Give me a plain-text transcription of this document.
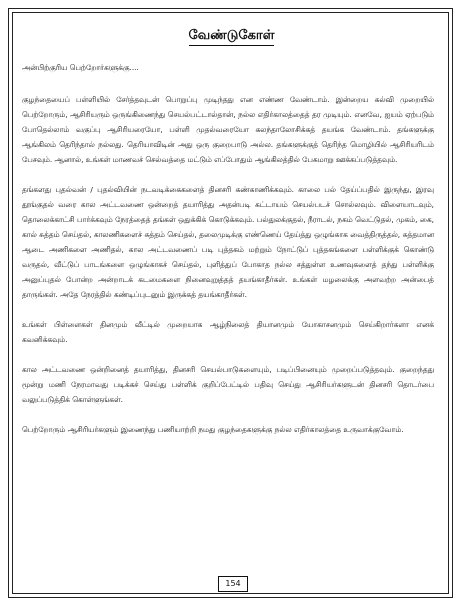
வேண்டுகோள்

அன்பிற்குரிய பெற்றோர்களுக்கு....

குழந்தையைப் பள்ளியில் சேர்த்தவுடன் பொறுப்பு முடிந்தது என எண்ண வேண்டாம். இன்றைய கல்வி முறையில் பெற்றோரும், ஆசிரியரும் ஒருங்கிணைந்து செயல்பட்டால்தான், நல்ல எதிர்காலத்தைத் தர முடியும். எனவே, ஐயம் ஏற்படும் போதெல்லாம் வகுப்பு ஆசிரியரையோ, பள்ளி முதல்வரையோ கலந்தாலோசிக்கத் தயங்க வேண்டாம். தங்களுக்கு ஆங்கிலம் தெரிந்தால் நல்லது. தெரியாவிடின் அது ஒரு குறைபாடு அல்ல. தங்களுக்குத் தெரிந்த மொழியில் ஆசிரியரிடம் பேசவும். ஆனால், உங்கள் மாணவச் செல்வத்தை மட்டும் எப்போதும் ஆங்கிலத்தில் பேசுமாறு ஊக்கப்படுத்தவும்.

தங்களது புதல்வன் / புதல்வியின் நடவடிக்கைகளைத் தினசரி கண்காணிக்கவும். காலை பல் தேய்ப்பதில் இருந்து, இரவு தூங்குதல் வரை கால அட்டவணை ஒன்றைத் தயாரித்து அதன்படி கட்டாயம் செயல்படச் சொல்லவும். விளையாடவும், தொலைக்காட்சி பார்க்கவும் நேரத்தைத் தங்கள் ஒதுக்கிக் கொடுக்கவும். பல்துலக்குதல், நீராடல், நகம் வெட்டுதல், முகம், கை, கால் சுத்தம் செய்தல், காலணிகளைச் சுத்தம் செய்தல், தலைமுடிக்கு எண்ணெய் தேய்த்து ஒழுங்காக வைத்திருத்தல், சுத்தமான ஆடை அணிகளை அணிதல், கால அட்டவணைப் படி புத்தகம் மற்றும் நோட்டுப் புத்தகங்களை பள்ளிக்குக் கொண்டு வருதல், வீட்டுப் பாடங்களை ஒழுங்காகச் செய்தல், புளித்துப் போகாத நல்ல சத்துள்ள உணவுகளைத் தந்து பள்ளிக்கு அனுப்புதல் போன்ற அன்றாடக் கடமைகளை நினைவுறுத்தத் தயங்காதீர்கள். உங்கள் மழலைக்கு அளவற்ற அன்பைத் தாருங்கள். அதே நேரத்தில் கண்டிப்புடனும் இருக்கத் தயங்காதீர்கள்.

உங்கள் பிள்ளைகள் தினமும் வீட்டில் முறையாக ஆழ்நிலைத் தியானமும் யோகாசனமும் செய்கிறார்களா எனக் கவனிக்கவும்.

கால அட்டவணை ஒன்றினைத் தயாரித்து, தினசரி செயல்பாடுகளையும், படிப்பினையும் முறைப்படுத்தவும். குறைந்தது மூன்று மணி நேரமாவது படிக்கச் செய்து பள்ளிக் குறிப்பேட்டில் பதிவு செய்து ஆசிரியர்களுடன் தினசரி தொடர்பை வலுப்படுத்திக் கொள்ளுங்கள்.

பெற்றோரும் ஆசிரியர்களும் இணைந்து பணியாற்றி நமது குழந்தைகளுக்கு நல்ல எதிர்காலத்தை உருவாக்குவோம்.

154
